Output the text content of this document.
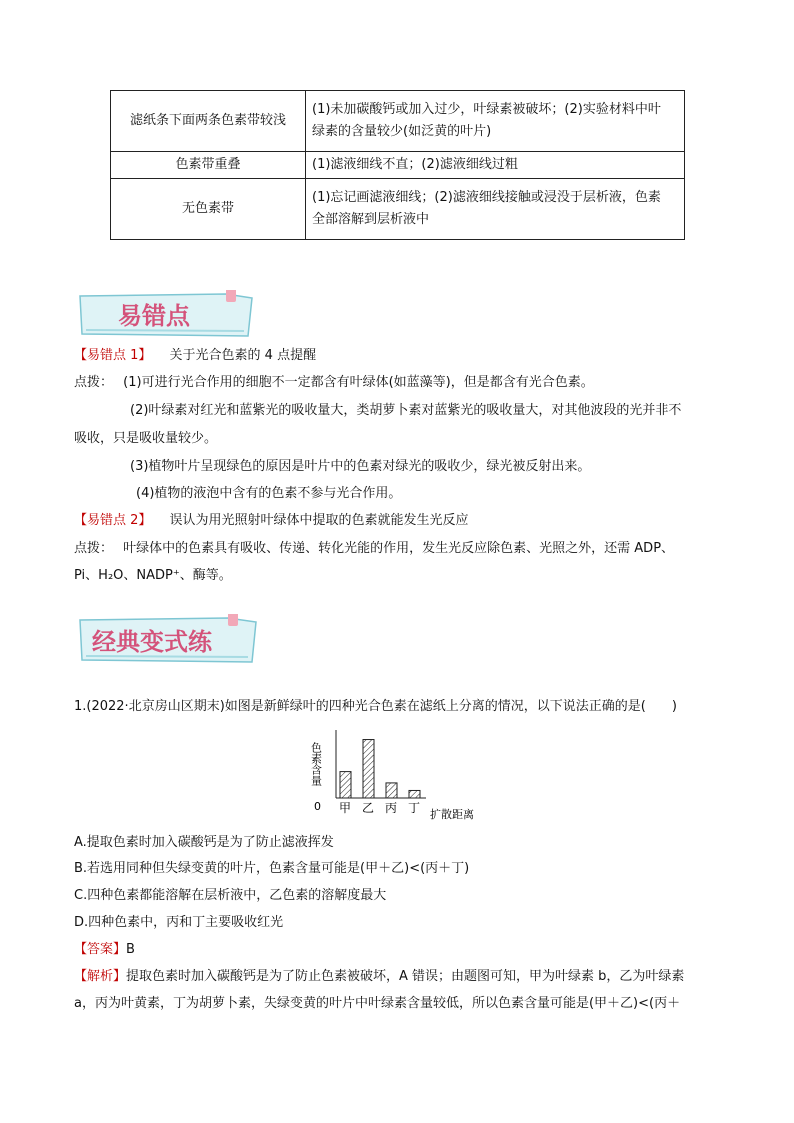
滤纸条下面两条色素带较浅	(1)未加碳酸钙或加入过少，叶绿素被破坏；(2)实验材料中叶
绿素的含量较少(如泛黄的叶片)

色素带重叠	(1)滤液细线不直；(2)滤液细线过粗

无色素带	(1)忘记画滤液细线；(2)滤液细线接触或浸没于层析液，色素
全部溶解到层析液中
易错点
【易错点 1】 关于光合色素的 4 点提醒
点拨： (1)可进行光合作用的细胞不一定都含有叶绿体(如蓝藻等)，但是都含有光合色素。
(2)叶绿素对红光和蓝紫光的吸收量大，类胡萝卜素对蓝紫光的吸收量大，对其他波段的光并非不
吸收，只是吸收量较少。
(3)植物叶片呈现绿色的原因是叶片中的色素对绿光的吸收少，绿光被反射出来。
(4)植物的液泡中含有的色素不参与光合作用。
【易错点 2】 误认为用光照射叶绿体中提取的色素就能发生光反应
点拨： 叶绿体中的色素具有吸收、传递、转化光能的作用，发生光反应除色素、光照之外，还需 ADP、
Pi、H₂O、NADP⁺、酶等。
经典变式练
1.(2022·北京房山区期末)如图是新鲜绿叶的四种光合色素在滤纸上分离的情况，以下说法正确的是(　　)
甲 乙 丙 丁
色素含量
0
扩散距离
A.提取色素时加入碳酸钙是为了防止滤液挥发
B.若选用同种但失绿变黄的叶片，色素含量可能是(甲＋乙)<(丙＋丁)
C.四种色素都能溶解在层析液中，乙色素的溶解度最大
D.四种色素中，丙和丁主要吸收红光
【答案】B
【解析】提取色素时加入碳酸钙是为了防止色素被破坏，A 错误；由题图可知，甲为叶绿素 b，乙为叶绿素
a，丙为叶黄素，丁为胡萝卜素，失绿变黄的叶片中叶绿素含量较低，所以色素含量可能是(甲＋乙)<(丙＋
